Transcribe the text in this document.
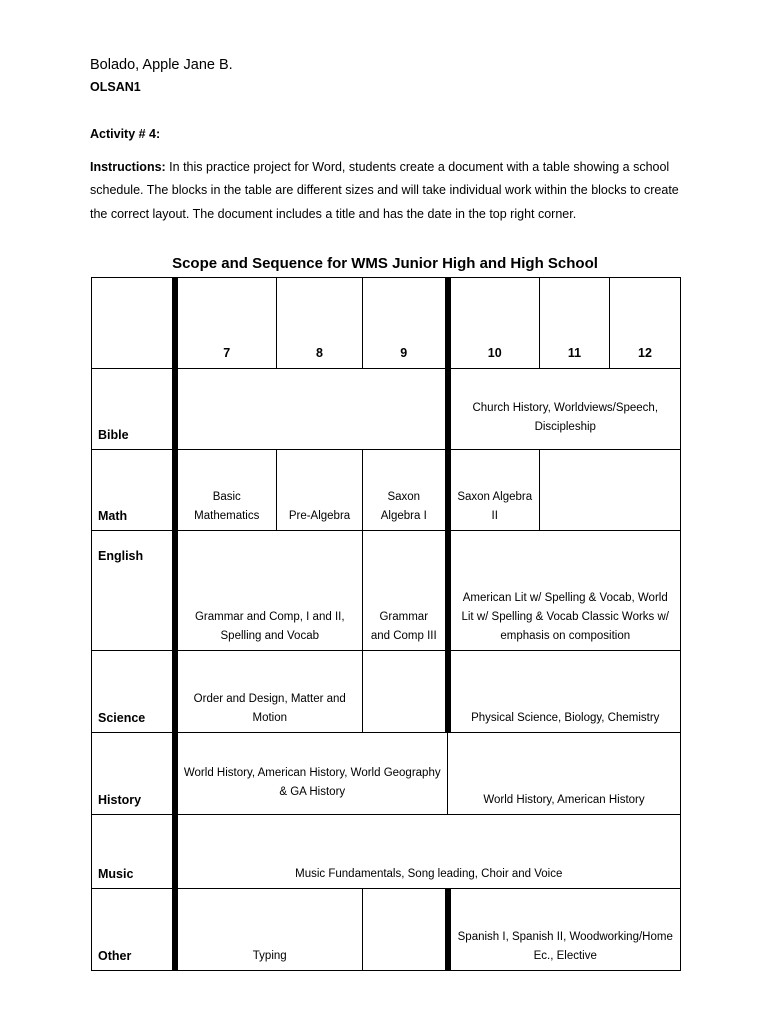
Bolado, Apple Jane B.
OLSAN1
Activity # 4:
Instructions: In this practice project for Word, students create a document with a table showing a school schedule. The blocks in the table are different sizes and will take individual work within the blocks to create the correct layout. The document includes a title and has the date in the top right corner.
Scope and Sequence for WMS Junior High and High School
	7	8	9	10	11	12
Bible				Church History, Worldviews/Speech, Discipleship		
Math	Basic Mathematics	Pre-Algebra	Saxon Algebra I	Saxon Algebra II		
English	Grammar and Comp, I and II, Spelling and Vocab		Grammar and Comp III	American Lit w/ Spelling & Vocab, World Lit w/ Spelling & Vocab Classic Works w/ emphasis on composition		
Science	Order and Design, Matter and Motion			Physical Science, Biology, Chemistry		
History	World History, American History, World Geography & GA History			World History, American History		
Music	Music Fundamentals, Song leading, Choir and Voice					
Other	Typing			Spanish I, Spanish II, Woodworking/Home Ec., Elective		
